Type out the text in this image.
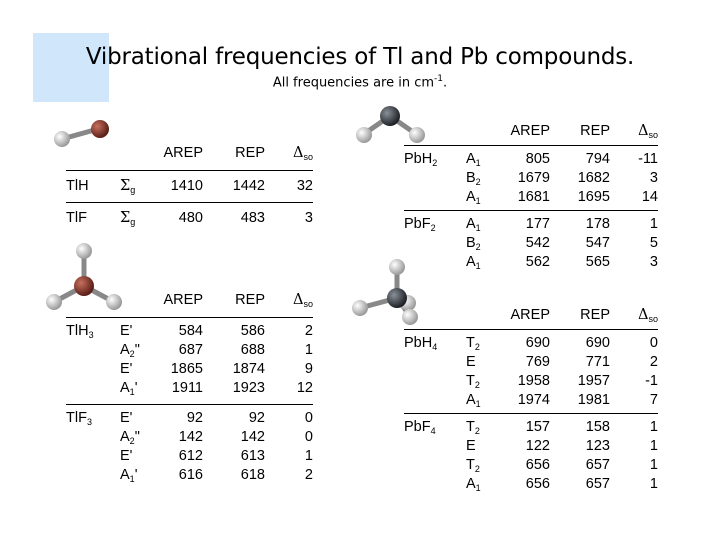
Vibrational frequencies of Tl and Pb compounds.
All frequencies are in $cm^{-1}$.
		AREP	REP	$\Delta_{so}$

TlH	$\Sigma_g$	1410	1442	32

TlF	$\Sigma_g$	480	483	3
		AREP	REP	$\Delta_{so}$

TlH$_3$	E'	584	586	2
	$A_2$"	687	688	1
	E'	1865	1874	9
	$A_1'$	1911	1923	12

TlF$_3$	E'	92	92	0
	$A_2$"	142	142	0
	E'	612	613	1
	$A_1'$	616	618	2
		AREP	REP	$\Delta_{so}$

PbH$_2$	$A_1$	805	794	-11
	$B_2$	1679	1682	3
	$A_1$	1681	1695	14

PbF$_2$	$A_1$	177	178	1
	$B_2$	542	547	5
	$A_1$	562	565	3
		AREP	REP	$\Delta_{so}$

PbH$_4$	$T_2$	690	690	0
	E	769	771	2
	$T_2$	1958	1957	-1
	$A_1$	1974	1981	7

PbF$_4$	$T_2$	157	158	1
	E	122	123	1
	$T_2$	656	657	1
	$A_1$	656	657	1
